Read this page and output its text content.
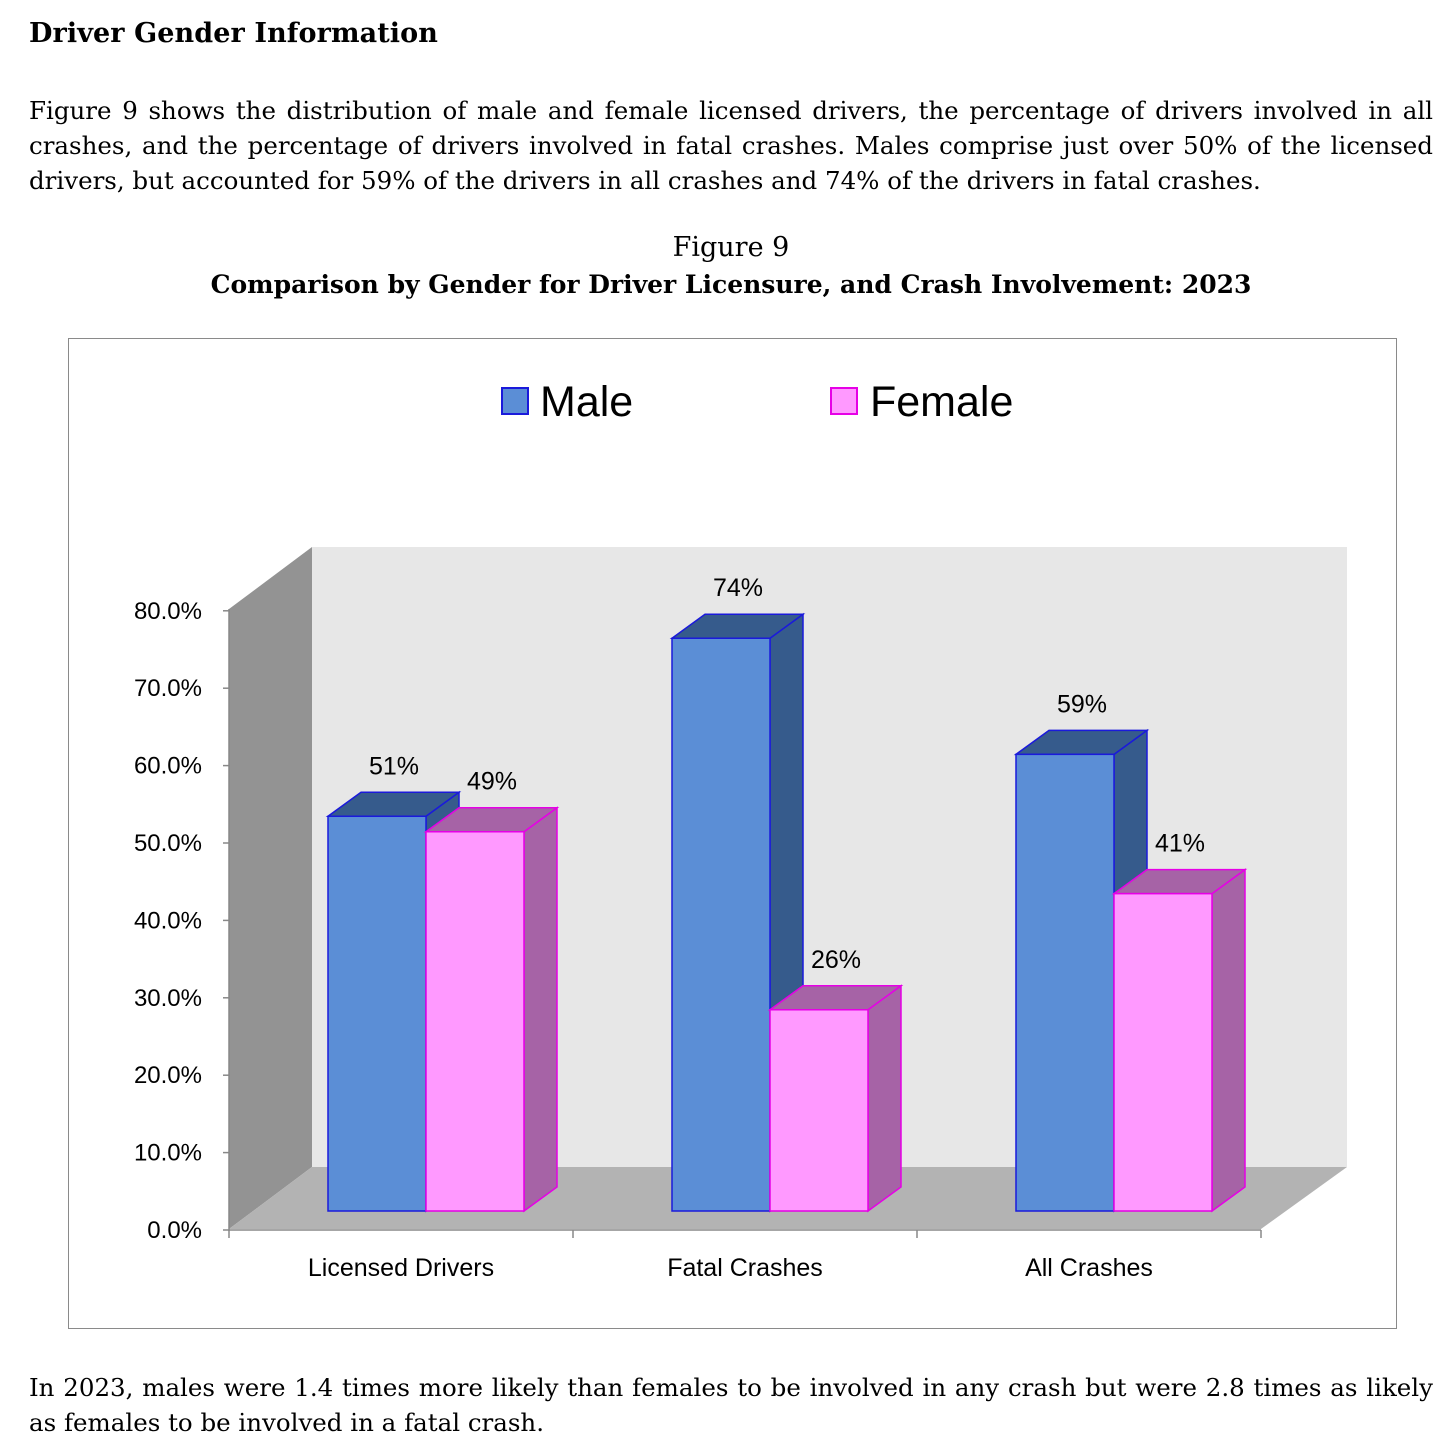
Driver Gender Information
Figure 9 shows the distribution of male and female licensed drivers, the percentage of drivers involved in all crashes, and the percentage of drivers involved in fatal crashes. Males comprise just over 50% of the licensed drivers, but accounted for 59% of the drivers in all crashes and 74% of the drivers in fatal crashes.
Figure 9
Comparison by Gender for Driver Licensure, and Crash Involvement: 2023
0.0%
10.0%
20.0%
30.0%
40.0%
50.0%
60.0%
70.0%
80.0%
51%
49%
74%
26%
59%
41%
Licensed Drivers	Fatal Crashes	All Crashes
Male	Female
In 2023, males were 1.4 times more likely than females to be involved in any crash but were 2.8 times as likely as females to be involved in a fatal crash.
